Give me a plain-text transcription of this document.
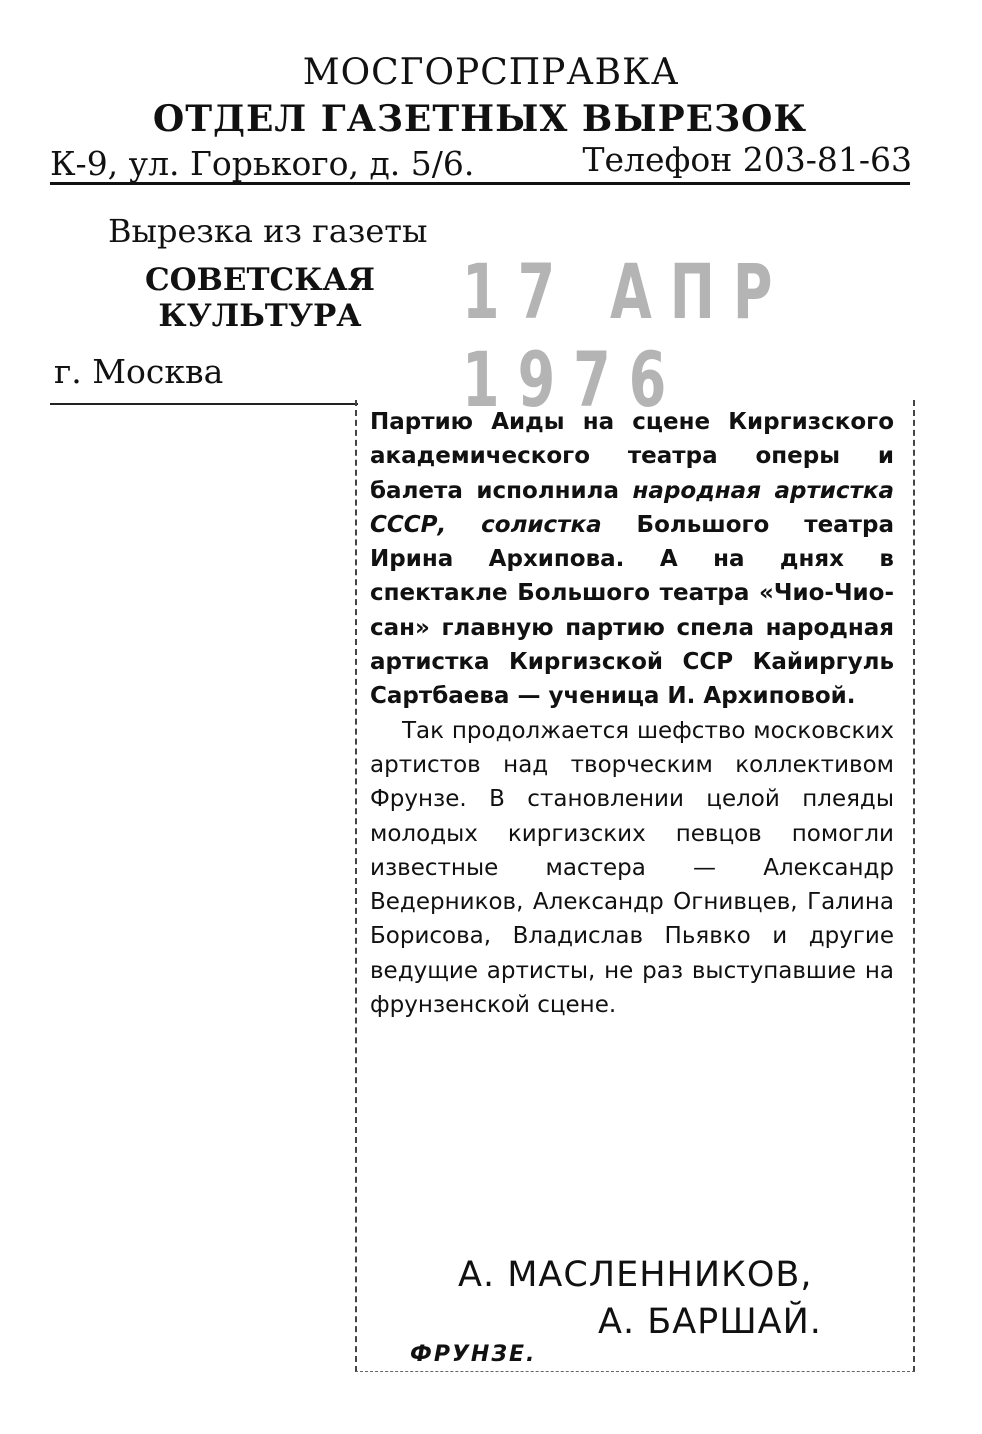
МОСГОРСПРАВКА
ОТДЕЛ ГАЗЕТНЫХ ВЫРЕЗОК
К-9, ул. Горького, д. 5/6.	Телефон 203-81-63
Вырезка из газеты
СОВЕТСКАЯ
КУЛЬТУРА	17 АПР 1976
г. Москва

Партию Аиды на сцене Киргизского академического театра оперы и балета исполнила народная артистка СССР, солистка Большого театра Ирина Архипова. А на днях в спектакле Большого театра «Чио-Чио-сан» главную партию спела народная артистка Киргизской ССР Кайиргуль Сартбаева — ученица И. Архиповой.

Так продолжается шефство московских артистов над творческим коллективом Фрунзе. В становлении целой плеяды молодых киргизских певцов помогли известные мастера — Александр Ведерников, Александр Огнивцев, Галина Борисова, Владислав Пьявко и другие ведущие артисты, не раз выступавшие на фрунзенской сцене.

А. МАСЛЕННИКОВ,
А. БАРШАЙ.
ФРУНЗЕ.
